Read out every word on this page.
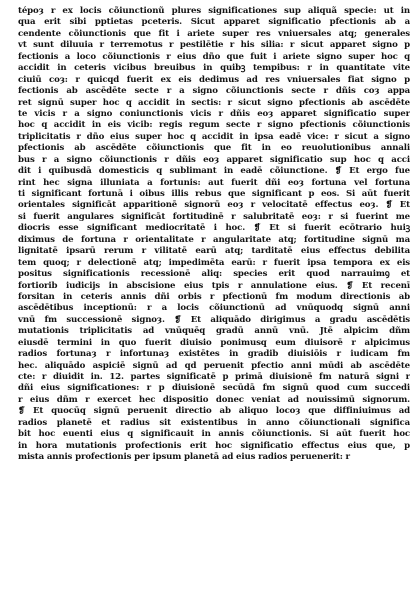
tépoȝ r ex locis cõiunctionũ plures significationes sup aliquã specie: ut in
qua erit sibi pptietas pceteris. Sicut apparet significatio pfectionis ab a
cendente cõiunctionis que fit i ariete super res vniuersales atq; generales
vt sunt diluuia r terremotus r pestilētie r his silia: r sicut apparet signo p
fectionis a loco cõiunctionis r eius dño que fuit i ariete signo super hoc q
accidit in ceteris vicibus breuibus in quibꝫ tempibus: r in quantitate vite
ciuiū coȝ: r quicqd fuerit ex eis dedimus ad res vniuersales fiat signo p
fectionis ab ascēdēte secte r a signo cõiunctionis secte r dñis coȝ appa
ret signū super hoc q accidit in sectis: r sicut signo pfectionis ab ascēdēte
te vicis r a signo coniunctionis vicis r dñis eoȝ apparet significatio super
hoc q accidit in eis vicib: regis regum secte r signo pfectionis cõiunctionis
triplicitatis r dño eius super hoc q accidit in ipsa eadē vice: r sicut a signo
pfectionis ab ascēdēte cõiunctionis que fit in eo reuolutionibus annali
bus r a signo cõiunctionis r dñis eoȝ apparet significatio sup hoc q acci
dit i quibusdā domesticis q sublimant in eadē cõiunctione. ❡ Et ergo fue
rint hec signa illuniata a fortunis: aut fuerit dñi eoȝ fortuna vel fortuna
ti significant fortunā i oibus illis rebus que significant p eos. Si aūt fuerit
orientales significāt apparitionē signorū eoȝ r velocitatē effectus eoȝ. ❡ Et
si fuerit angulares significāt fortitudinē r salubritatē eoȝ: r si fuerint me
diocris esse significant mediocritatē i hoc. ❡ Et si fuerit ecōtrario huiꝫ
diximus de fortuna r orientalitate r angularitate atq; fortitudine signū ma
lignitatē ipsarū rerum r vilitatē earū atq; tarditatē eius effectus debilita
tem quoq; r delectionē atq; impedimēta earū: r fuerit ipsa tempora ex eis
positus significationis recessionē aliq: species erit quod narrauimꝯ et
fortiorib iudicijs in abscisione eius tpis r annulatione eius. ❡ Et recenī
forsitan in ceteris annis dñi orbis r pfectionū fm modum directionis ab
ascēdētibus inceptionū: r a locis cõiunctionū ad vnūquodq signū anni
vnū fm successionē signoȝ. ❡ Et aliquādo dirigimus a gradu ascēdētis
mutationis triplicitatis ad vnūquēq gradū annū vnū. Jtē alpicim dñm
eiusdē termini in quo fuerit diuisio ponimusq eum diuisorē r alpicimus
radios fortunaȝ r infortunaȝ existētes in gradib diuisiōis r iudicam fm
hec. aliquādo aspiciē signū ad qd peruenit pfectio anni mūdi ab ascēdēte
cte: r diuidit in. 12. partes significatē p primā diuisionē fm naturā signi r
dñi eius significationes: r p diuisionē secūdā fm signū quod cum succedi
r eius dñm r exercet hec dispositio donec veniat ad nouissimū signorum.
❡ Et quocūq signū peruenit directio ab aliquo locoȝ que diffiniuimus ad
radios planetē et radius sit existentibus in anno cõiunctionali significa
bit hoc euenti eius q significauit in annis cõiunctionis. Si aūt fuerit hoc
in hora mutationis profectionis erit hoc significatio effectus eius que, p
mista annis profectionis per ipsum planetā ad eius radios peruenerit: r
